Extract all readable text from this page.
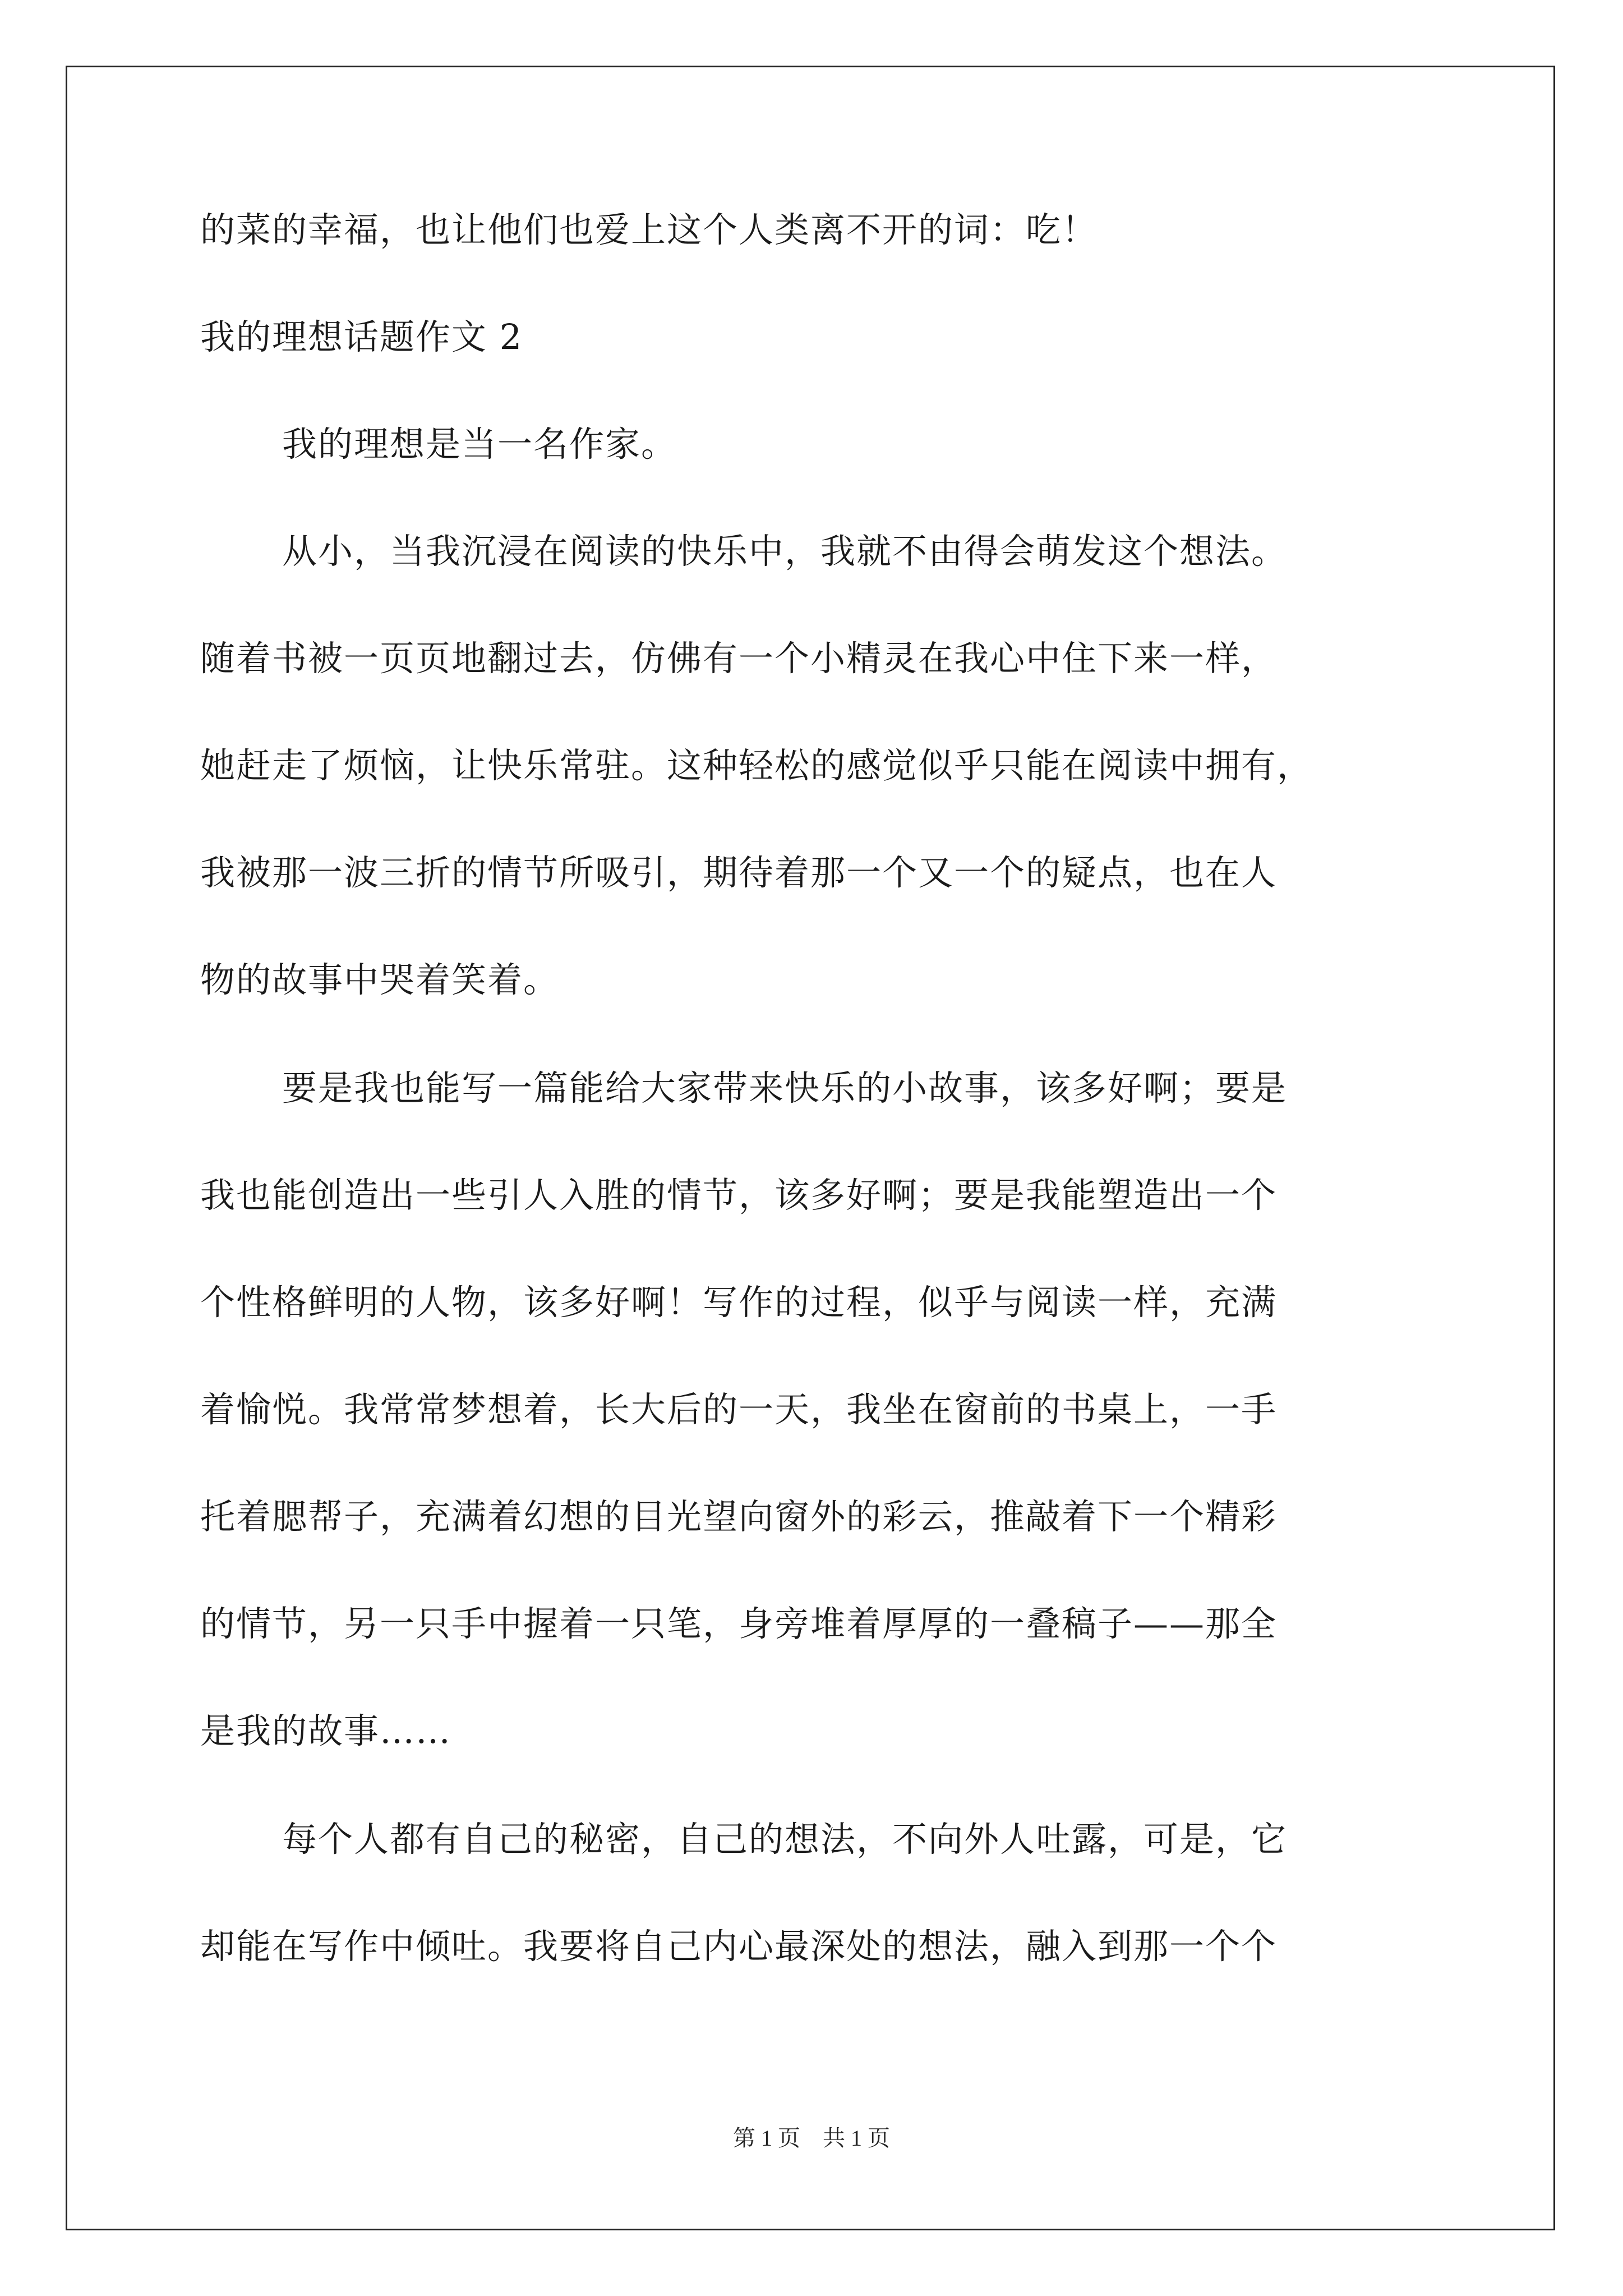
的菜的幸福，也让他们也爱上这个人类离不开的词：吃！
我的理想话题作文 2
我的理想是当一名作家。
从小，当我沉浸在阅读的快乐中，我就不由得会萌发这个想法。
随着书被一页页地翻过去，仿佛有一个小精灵在我心中住下来一样，
她赶走了烦恼，让快乐常驻。这种轻松的感觉似乎只能在阅读中拥有，
我被那一波三折的情节所吸引，期待着那一个又一个的疑点，也在人
物的故事中哭着笑着。
要是我也能写一篇能给大家带来快乐的小故事，该多好啊；要是
我也能创造出一些引人入胜的情节，该多好啊；要是我能塑造出一个
个性格鲜明的人物，该多好啊！写作的过程，似乎与阅读一样，充满
着愉悦。我常常梦想着，长大后的一天，我坐在窗前的书桌上，一手
托着腮帮子，充满着幻想的目光望向窗外的彩云，推敲着下一个精彩
的情节，另一只手中握着一只笔，身旁堆着厚厚的一叠稿子——那全
是我的故事……
每个人都有自己的秘密，自己的想法，不向外人吐露，可是，它
却能在写作中倾吐。我要将自己内心最深处的想法，融入到那一个个
第 1 页　共 1 页
